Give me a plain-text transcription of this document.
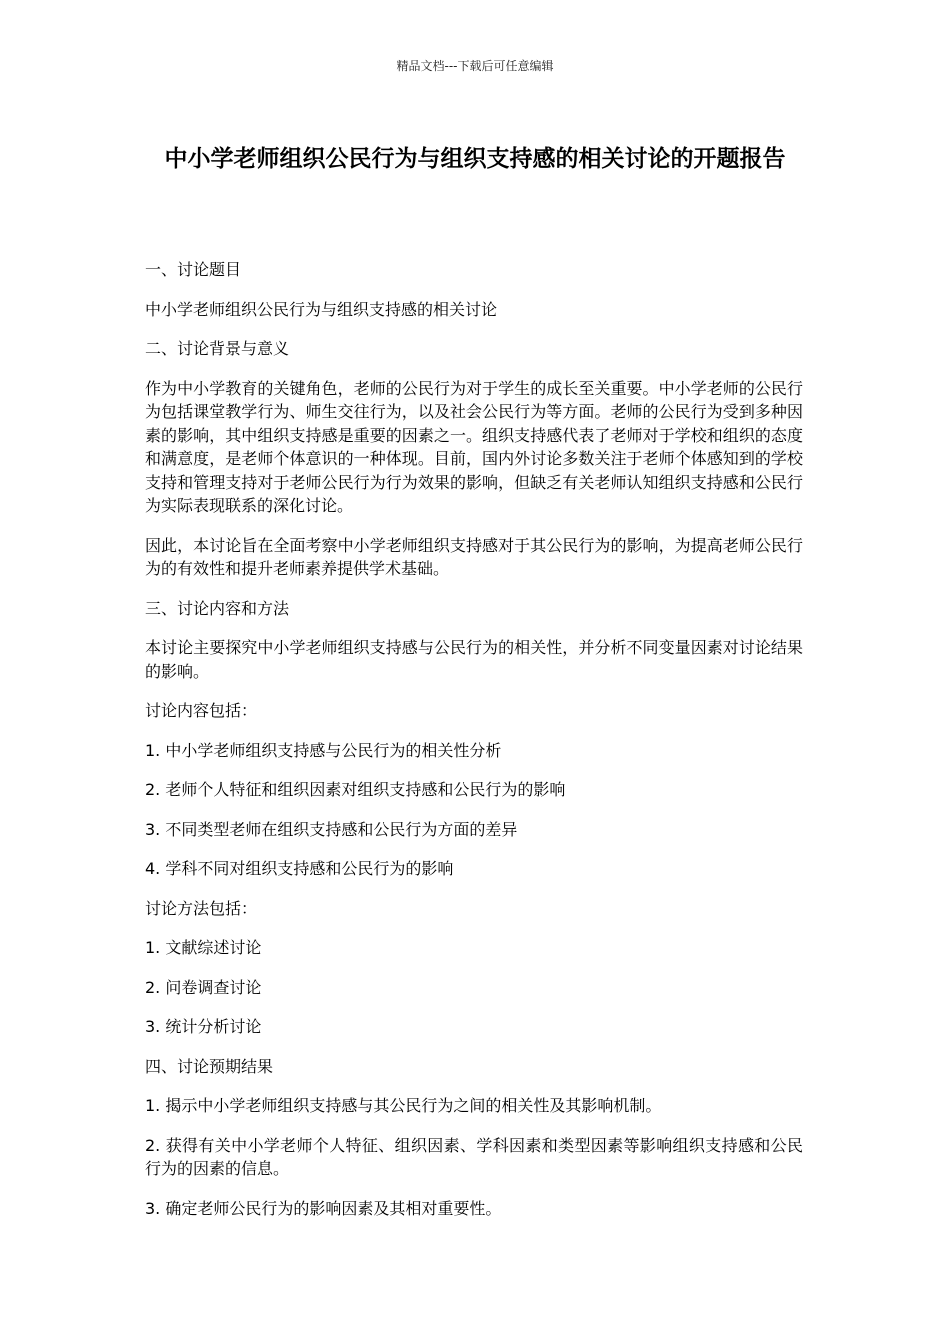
精品文档---下载后可任意编辑
中小学老师组织公民行为与组织支持感的相关讨论的开题报告

一、讨论题目

中小学老师组织公民行为与组织支持感的相关讨论

二、讨论背景与意义

作为中小学教育的关键角色，老师的公民行为对于学生的成长至关重要。中小学老师的公民行为包括课堂教学行为、师生交往行为，以及社会公民行为等方面。老师的公民行为受到多种因素的影响，其中组织支持感是重要的因素之一。组织支持感代表了老师对于学校和组织的态度和满意度，是老师个体意识的一种体现。目前，国内外讨论多数关注于老师个体感知到的学校支持和管理支持对于老师公民行为行为效果的影响，但缺乏有关老师认知组织支持感和公民行为实际表现联系的深化讨论。

因此，本讨论旨在全面考察中小学老师组织支持感对于其公民行为的影响，为提高老师公民行为的有效性和提升老师素养提供学术基础。

三、讨论内容和方法

本讨论主要探究中小学老师组织支持感与公民行为的相关性，并分析不同变量因素对讨论结果的影响。

讨论内容包括：

1. 中小学老师组织支持感与公民行为的相关性分析

2. 老师个人特征和组织因素对组织支持感和公民行为的影响

3. 不同类型老师在组织支持感和公民行为方面的差异

4. 学科不同对组织支持感和公民行为的影响

讨论方法包括：

1. 文献综述讨论

2. 问卷调查讨论

3. 统计分析讨论

四、讨论预期结果

1. 揭示中小学老师组织支持感与其公民行为之间的相关性及其影响机制。

2. 获得有关中小学老师个人特征、组织因素、学科因素和类型因素等影响组织支持感和公民行为的因素的信息。

3. 确定老师公民行为的影响因素及其相对重要性。
